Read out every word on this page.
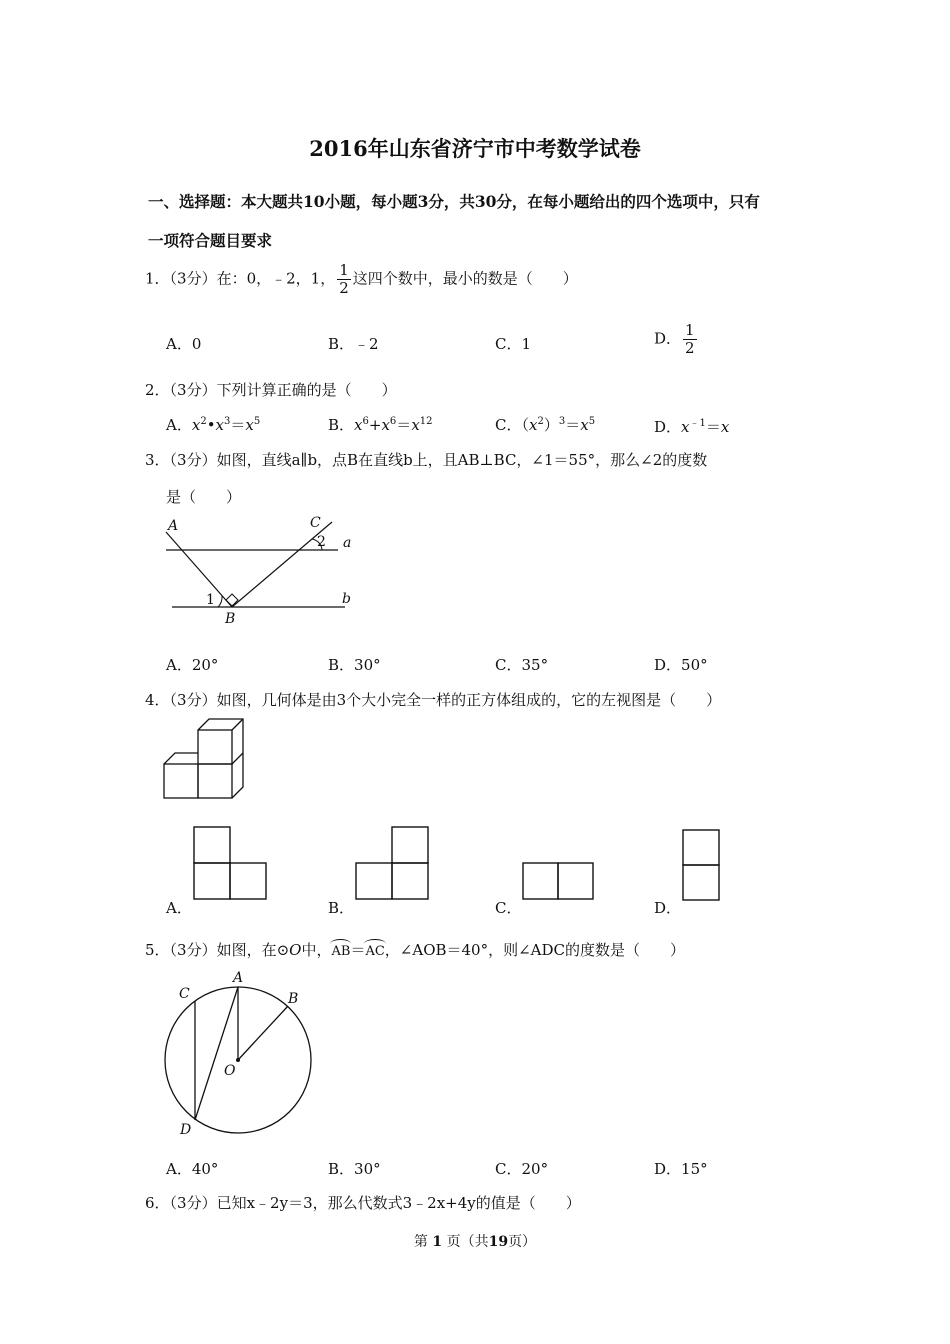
2016年山东省济宁市中考数学试卷
一、选择题：本大题共10小题，每小题3分，共30分，在每小题给出的四个选项中，只有
一项符合题目要求
1．（3分）在：0，﹣2，1， $\frac{1}{2}$ 这四个数中，最小的数是（　　）
A．0	B．﹣2	C．1	D． $\frac{1}{2}$
2．（3分）下列计算正确的是（　　）
A．$x^2•x^3=x^5$	B．$x^6+x^6=x^{12}$	C．$(x^2)^3=x^5$	D．$x^{﹣1}=x$
3．（3分）如图，直线a∥b，点B在直线b上，且AB⊥BC，∠1＝55°，那么∠2的度数
是（　　）
A	C
2 a
1	b
B
A．20°	B．30°	C．35°	D．50°
4．（3分）如图，几何体是由3个大小完全一样的正方体组成的，它的左视图是（　　）
A．	B．	C．	D．
5．（3分）如图，在⊙O中，AB＝AC，∠AOB＝40°，则∠ADC的度数是（　　）
A
C	B
O
D
A．40°	B．30°	C．20°	D．15°
6．（3分）已知x﹣2y＝3，那么代数式3﹣2x+4y的值是（　　）
第 1 页（共19页）
